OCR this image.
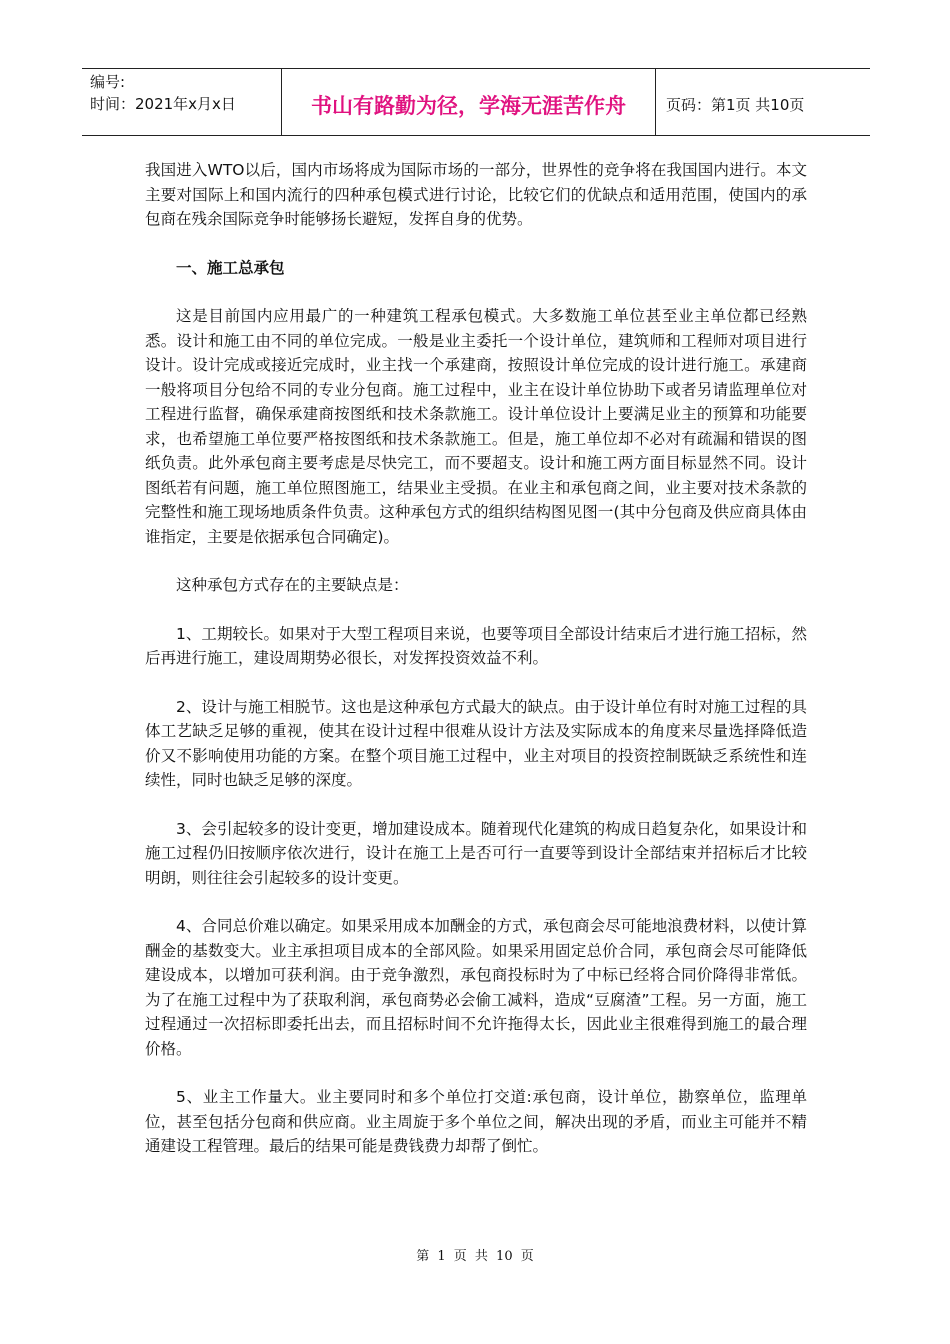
编号:
时间：2021年x月x日	书山有路勤为径，学海无涯苦作舟	页码：第1页 共10页

我国进入WTO以后，国内市场将成为国际市场的一部分，世界性的竞争将在我国国内进行。本文主要对国际上和国内流行的四种承包模式进行讨论，比较它们的优缺点和适用范围，使国内的承包商在残余国际竞争时能够扬长避短，发挥自身的优势。

一、施工总承包

这是目前国内应用最广的一种建筑工程承包模式。大多数施工单位甚至业主单位都已经熟悉。设计和施工由不同的单位完成。一般是业主委托一个设计单位，建筑师和工程师对项目进行设计。设计完成或接近完成时，业主找一个承建商，按照设计单位完成的设计进行施工。承建商一般将项目分包给不同的专业分包商。施工过程中，业主在设计单位协助下或者另请监理单位对工程进行监督，确保承建商按图纸和技术条款施工。设计单位设计上要满足业主的预算和功能要求，也希望施工单位要严格按图纸和技术条款施工。但是，施工单位却不必对有疏漏和错误的图纸负责。此外承包商主要考虑是尽快完工，而不要超支。设计和施工两方面目标显然不同。设计图纸若有问题，施工单位照图施工，结果业主受损。在业主和承包商之间，业主要对技术条款的完整性和施工现场地质条件负责。这种承包方式的组织结构图见图一(其中分包商及供应商具体由谁指定，主要是依据承包合同确定)。

这种承包方式存在的主要缺点是：

1、工期较长。如果对于大型工程项目来说，也要等项目全部设计结束后才进行施工招标，然后再进行施工，建设周期势必很长，对发挥投资效益不利。

2、设计与施工相脱节。这也是这种承包方式最大的缺点。由于设计单位有时对施工过程的具体工艺缺乏足够的重视，使其在设计过程中很难从设计方法及实际成本的角度来尽量选择降低造价又不影响使用功能的方案。在整个项目施工过程中，业主对项目的投资控制既缺乏系统性和连续性，同时也缺乏足够的深度。

3、会引起较多的设计变更，增加建设成本。随着现代化建筑的构成日趋复杂化，如果设计和施工过程仍旧按顺序依次进行，设计在施工上是否可行一直要等到设计全部结束并招标后才比较明朗，则往往会引起较多的设计变更。

4、合同总价难以确定。如果采用成本加酬金的方式，承包商会尽可能地浪费材料，以使计算酬金的基数变大。业主承担项目成本的全部风险。如果采用固定总价合同，承包商会尽可能降低建设成本，以增加可获利润。由于竞争激烈，承包商投标时为了中标已经将合同价降得非常低。为了在施工过程中为了获取利润，承包商势必会偷工减料，造成“豆腐渣”工程。另一方面，施工过程通过一次招标即委托出去，而且招标时间不允许拖得太长，因此业主很难得到施工的最合理价格。

5、业主工作量大。业主要同时和多个单位打交道:承包商，设计单位，勘察单位，监理单位，甚至包括分包商和供应商。业主周旋于多个单位之间，解决出现的矛盾，而业主可能并不精通建设工程管理。最后的结果可能是费钱费力却帮了倒忙。

第 1 页 共 10 页
